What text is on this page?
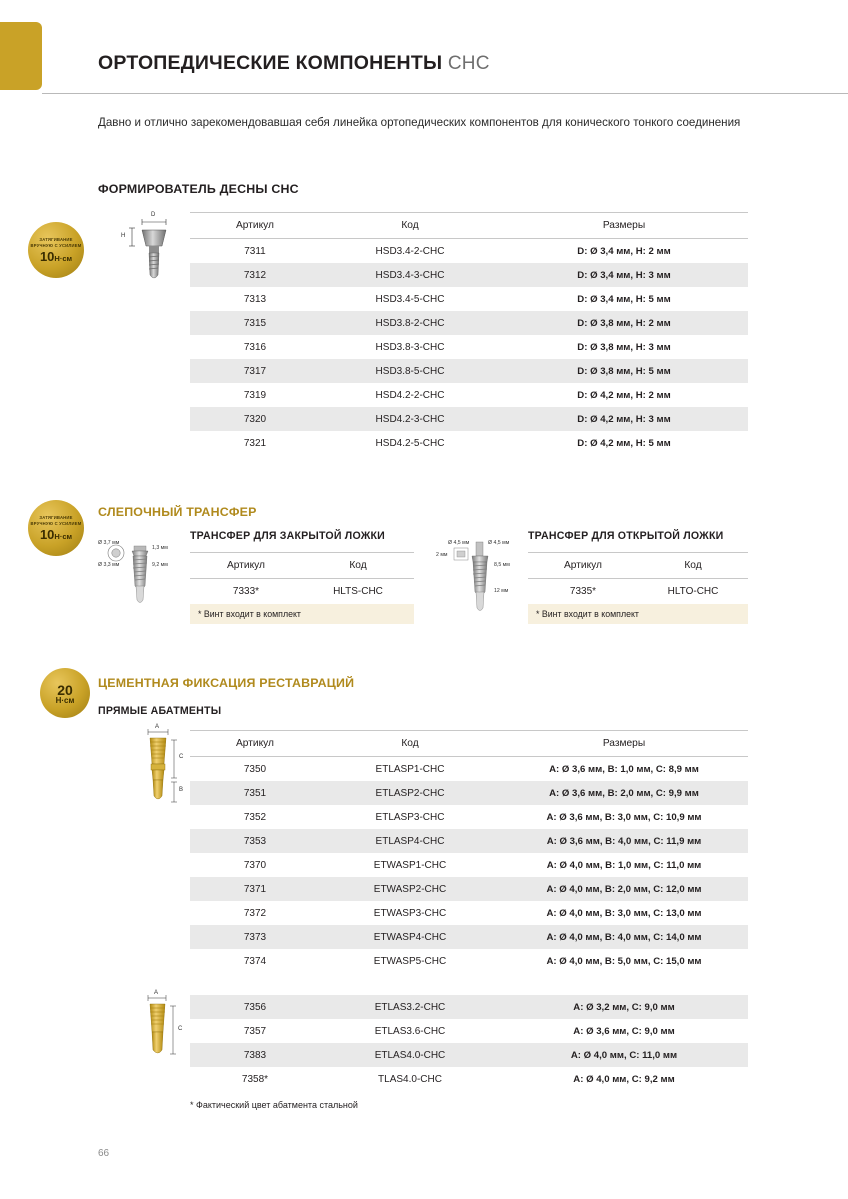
ОРТОПЕДИЧЕСКИЕ КОМПОНЕНТЫ CHC
Давно и отлично зарекомендовавшая себя линейка ортопедических компонентов для конического тонкого соединения
ФОРМИРОВАТЕЛЬ ДЕСНЫ CHC
ЗАТЯГИВАНИЕ ВРУЧНУЮ С УСИЛИЕМ
10Н·см
D
H
Артикул	Код	Размеры
7311	HSD3.4-2-CHC	D: Ø 3,4 мм, H: 2 мм
7312	HSD3.4-3-CHC	D: Ø 3,4 мм, H: 3 мм
7313	HSD3.4-5-CHC	D: Ø 3,4 мм, H: 5 мм
7315	HSD3.8-2-CHC	D: Ø 3,8 мм, H: 2 мм
7316	HSD3.8-3-CHC	D: Ø 3,8 мм, H: 3 мм
7317	HSD3.8-5-CHC	D: Ø 3,8 мм, H: 5 мм
7319	HSD4.2-2-CHC	D: Ø 4,2 мм, H: 2 мм
7320	HSD4.2-3-CHC	D: Ø 4,2 мм, H: 3 мм
7321	HSD4.2-5-CHC	D: Ø 4,2 мм, H: 5 мм
СЛЕПОЧНЫЙ ТРАНСФЕР
ЗАТЯГИВАНИЕ ВРУЧНУЮ С УСИЛИЕМ
10Н·см	ТРАНСФЕР ДЛЯ ЗАКРЫТОЙ ЛОЖКИ	ТРАНСФЕР ДЛЯ ОТКРЫТОЙ ЛОЖКИ
Ø 3,7 мм
1,3 мм
Ø 3,3 мм	9,2 мм	Артикул	Код
7333*	HLTS-CHC
* Винт входит в комплект
Ø 4,5 мм	Ø 4,5 мм
2 мм
8,5 мм
12 мм
Артикул	Код
7335*	HLTO-CHC
* Винт входит в комплект
20
Н·см
ЦЕМЕНТНАЯ ФИКСАЦИЯ РЕСТАВРАЦИЙ
ПРЯМЫЕ АБАТМЕНТЫ
A
C
B
Артикул	Код	Размеры
7350	ETLASP1-CHC	A: Ø 3,6 мм, B: 1,0 мм, C: 8,9 мм
7351	ETLASP2-CHC	A: Ø 3,6 мм, B: 2,0 мм, C: 9,9 мм
7352	ETLASP3-CHC	A: Ø 3,6 мм, B: 3,0 мм, C: 10,9 мм
7353	ETLASP4-CHC	A: Ø 3,6 мм, B: 4,0 мм, C: 11,9 мм
7370	ETWASP1-CHC	A: Ø 4,0 мм, B: 1,0 мм, C: 11,0 мм
7371	ETWASP2-CHC	A: Ø 4,0 мм, B: 2,0 мм, C: 12,0 мм
7372	ETWASP3-CHC	A: Ø 4,0 мм, B: 3,0 мм, C: 13,0 мм
7373	ETWASP4-CHC	A: Ø 4,0 мм, B: 4,0 мм, C: 14,0 мм
7374	ETWASP5-CHC	A: Ø 4,0 мм, B: 5,0 мм, C: 15,0 мм
A
C
7356	ETLAS3.2-CHC	A: Ø 3,2 мм, C: 9,0 мм
7357	ETLAS3.6-CHC	A: Ø 3,6 мм, C: 9,0 мм
7383	ETLAS4.0-CHC	A: Ø 4,0 мм, C: 11,0 мм
7358*	TLAS4.0-CHC	A: Ø 4,0 мм, C: 9,2 мм
* Фактический цвет абатмента стальной
66
